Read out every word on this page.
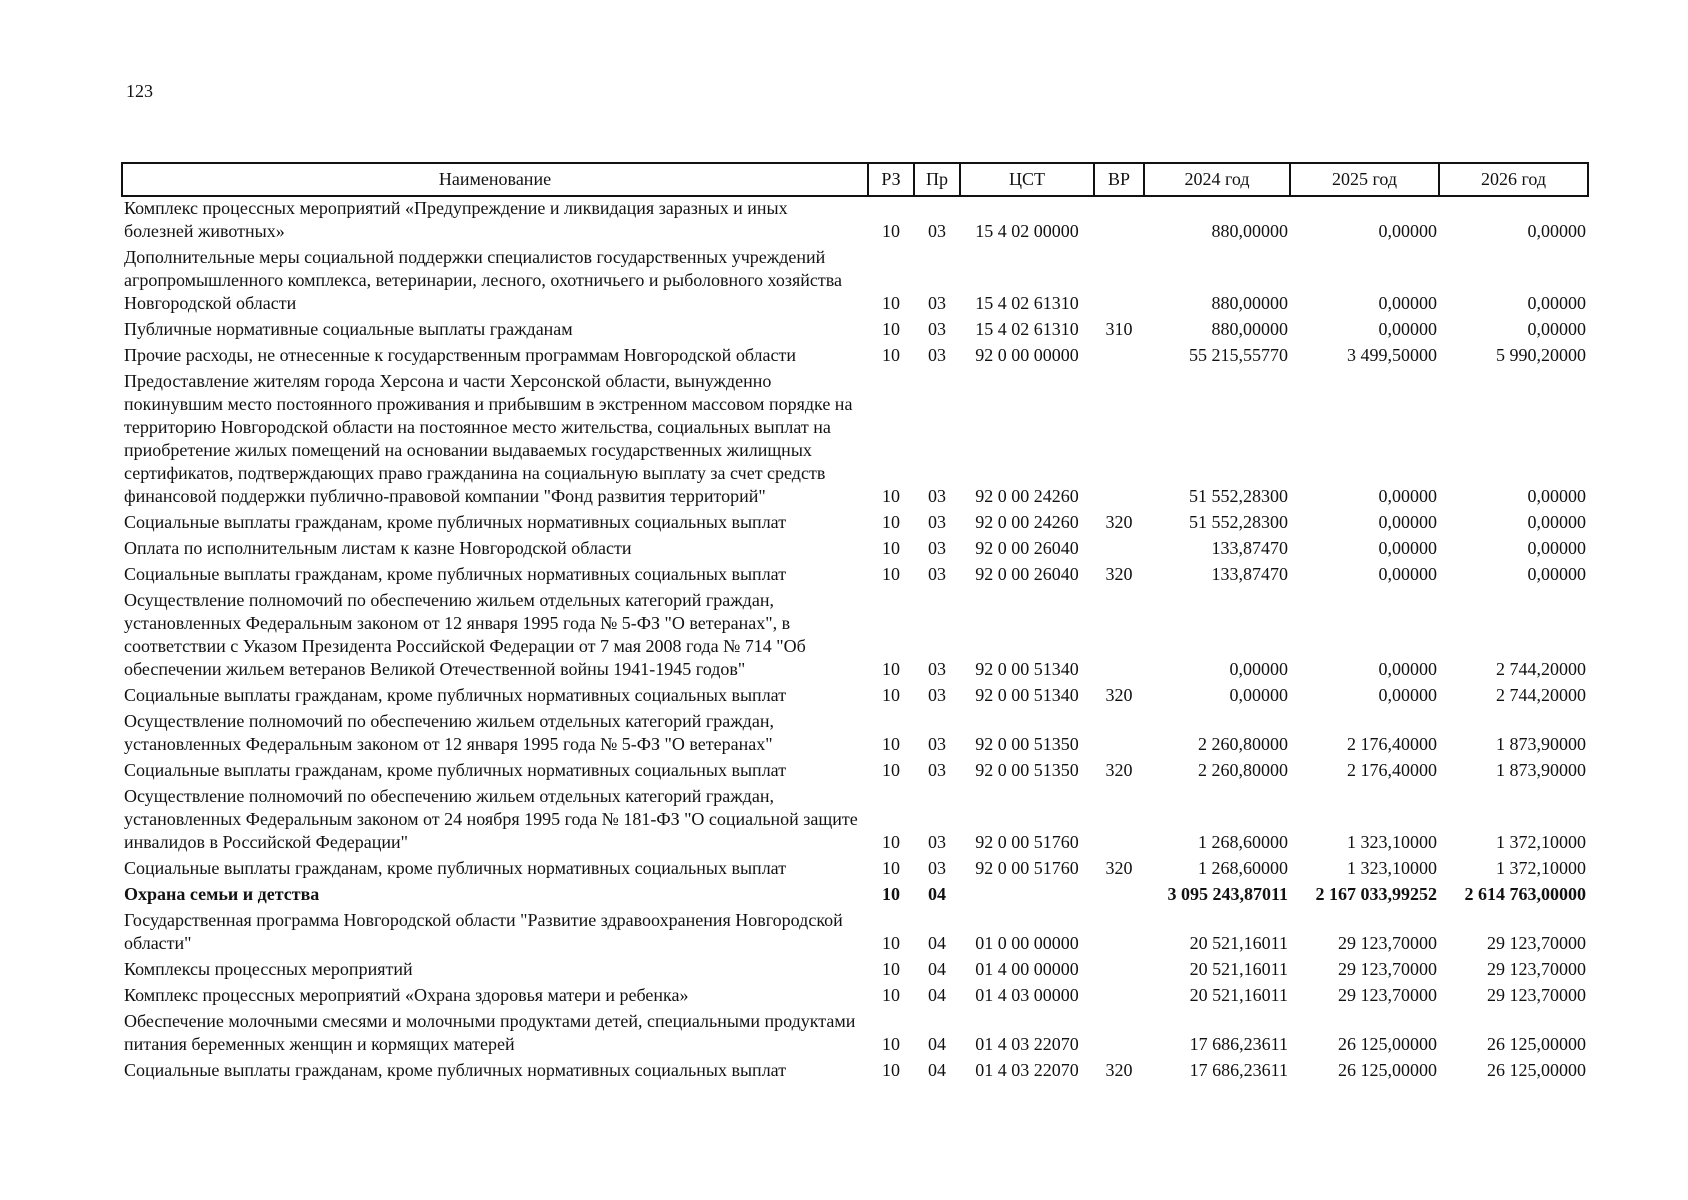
123
Наименование	РЗ	Пр	ЦСТ	ВР	2024 год	2025 год	2026 год
Комплекс процессных мероприятий «Предупреждение и ликвидация заразных и иных болезней животных»	10	03	15 4 02 00000		880,00000	0,00000	0,00000
Дополнительные меры социальной поддержки специалистов государственных учреждений агропромышленного комплекса, ветеринарии, лесного, охотничьего и рыболовного хозяйства Новгородской области	10	03	15 4 02 61310		880,00000	0,00000	0,00000
Публичные нормативные социальные выплаты гражданам	10	03	15 4 02 61310	310	880,00000	0,00000	0,00000
Прочие расходы, не отнесенные к государственным программам Новгородской области	10	03	92 0 00 00000		55 215,55770	3 499,50000	5 990,20000
Предоставление жителям города Херсона и части Херсонской области, вынужденно покинувшим место постоянного проживания и прибывшим в экстренном массовом порядке на территорию Новгородской области на постоянное место жительства, социальных выплат на приобретение жилых помещений на основании выдаваемых государственных жилищных сертификатов, подтверждающих право гражданина на социальную выплату за счет средств финансовой поддержки публично-правовой компании "Фонд развития территорий"	10	03	92 0 00 24260		51 552,28300	0,00000	0,00000
Социальные выплаты гражданам, кроме публичных нормативных социальных выплат	10	03	92 0 00 24260	320	51 552,28300	0,00000	0,00000
Оплата по исполнительным листам к казне Новгородской области	10	03	92 0 00 26040		133,87470	0,00000	0,00000
Социальные выплаты гражданам, кроме публичных нормативных социальных выплат	10	03	92 0 00 26040	320	133,87470	0,00000	0,00000
Осуществление полномочий по обеспечению жильем отдельных категорий граждан, установленных Федеральным законом от 12 января 1995 года № 5-ФЗ "О ветеранах", в соответствии с Указом Президента Российской Федерации от 7 мая 2008 года № 714 "Об обеспечении жильем ветеранов Великой Отечественной войны 1941-1945 годов"	10	03	92 0 00 51340		0,00000	0,00000	2 744,20000
Социальные выплаты гражданам, кроме публичных нормативных социальных выплат	10	03	92 0 00 51340	320	0,00000	0,00000	2 744,20000
Осуществление полномочий по обеспечению жильем отдельных категорий граждан, установленных Федеральным законом от 12 января 1995 года № 5-ФЗ "О ветеранах"	10	03	92 0 00 51350		2 260,80000	2 176,40000	1 873,90000
Социальные выплаты гражданам, кроме публичных нормативных социальных выплат	10	03	92 0 00 51350	320	2 260,80000	2 176,40000	1 873,90000
Осуществление полномочий по обеспечению жильем отдельных категорий граждан, установленных Федеральным законом от 24 ноября 1995 года № 181-ФЗ "О социальной защите инвалидов в Российской Федерации"	10	03	92 0 00 51760		1 268,60000	1 323,10000	1 372,10000
Социальные выплаты гражданам, кроме публичных нормативных социальных выплат	10	03	92 0 00 51760	320	1 268,60000	1 323,10000	1 372,10000
Охрана семьи и детства	10	04			3 095 243,87011	2 167 033,99252	2 614 763,00000
Государственная программа Новгородской области "Развитие здравоохранения Новгородской области"	10	04	01 0 00 00000		20 521,16011	29 123,70000	29 123,70000
Комплексы процессных мероприятий	10	04	01 4 00 00000		20 521,16011	29 123,70000	29 123,70000
Комплекс процессных мероприятий «Охрана здоровья матери и ребенка»	10	04	01 4 03 00000		20 521,16011	29 123,70000	29 123,70000
Обеспечение молочными смесями и молочными продуктами детей, специальными продуктами питания беременных женщин и кормящих матерей	10	04	01 4 03 22070		17 686,23611	26 125,00000	26 125,00000
Социальные выплаты гражданам, кроме публичных нормативных социальных выплат	10	04	01 4 03 22070	320	17 686,23611	26 125,00000	26 125,00000
